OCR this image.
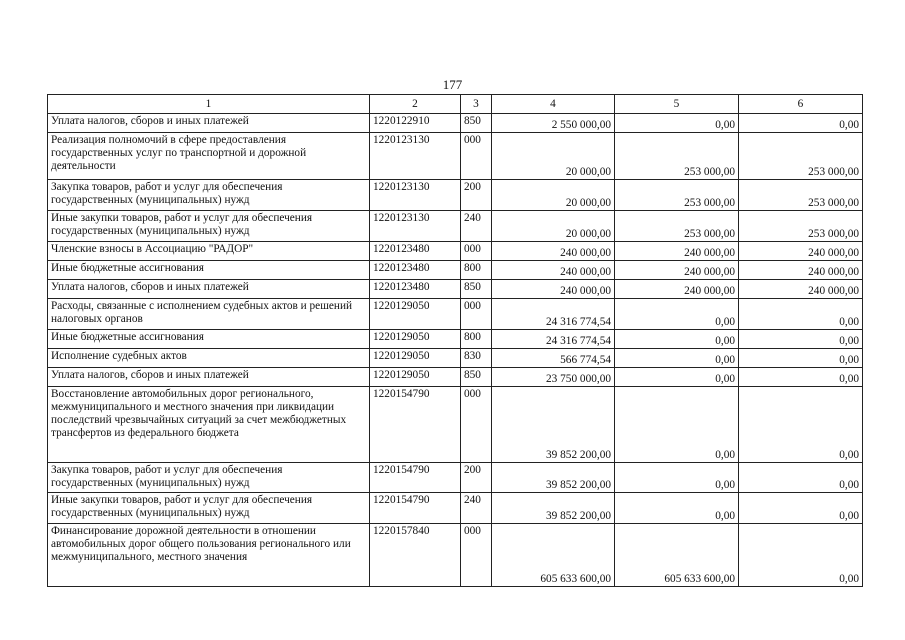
177
1	2	3	4	5	6
Уплата налогов, сборов и иных платежей	1220122910	850	2 550 000,00	0,00	0,00
Реализация полномочий в сфере предоставления государственных услуг по транспортной и дорожной деятельности	1220123130	000	20 000,00	253 000,00	253 000,00
Закупка товаров, работ и услуг для обеспечения государственных (муниципальных) нужд	1220123130	200	20 000,00	253 000,00	253 000,00
Иные закупки товаров, работ и услуг для обеспечения государственных (муниципальных) нужд	1220123130	240	20 000,00	253 000,00	253 000,00
Членские взносы в Ассоциацию "РАДОР"	1220123480	000	240 000,00	240 000,00	240 000,00
Иные бюджетные ассигнования	1220123480	800	240 000,00	240 000,00	240 000,00
Уплата налогов, сборов и иных платежей	1220123480	850	240 000,00	240 000,00	240 000,00
Расходы, связанные с исполнением судебных актов и решений налоговых органов	1220129050	000	24 316 774,54	0,00	0,00
Иные бюджетные ассигнования	1220129050	800	24 316 774,54	0,00	0,00
Исполнение судебных актов	1220129050	830	566 774,54	0,00	0,00
Уплата налогов, сборов и иных платежей	1220129050	850	23 750 000,00	0,00	0,00
Восстановление автомобильных дорог регионального, межмуниципального и местного значения при ликвидации последствий чрезвычайных ситуаций за счет межбюджетных трансфертов из федерального бюджета	1220154790	000	39 852 200,00	0,00	0,00
Закупка товаров, работ и услуг для обеспечения государственных (муниципальных) нужд	1220154790	200	39 852 200,00	0,00	0,00
Иные закупки товаров, работ и услуг для обеспечения государственных (муниципальных) нужд	1220154790	240	39 852 200,00	0,00	0,00
Финансирование дорожной деятельности в отношении автомобильных дорог общего пользования регионального или межмуниципального, местного значения	1220157840	000	605 633 600,00	605 633 600,00	0,00
